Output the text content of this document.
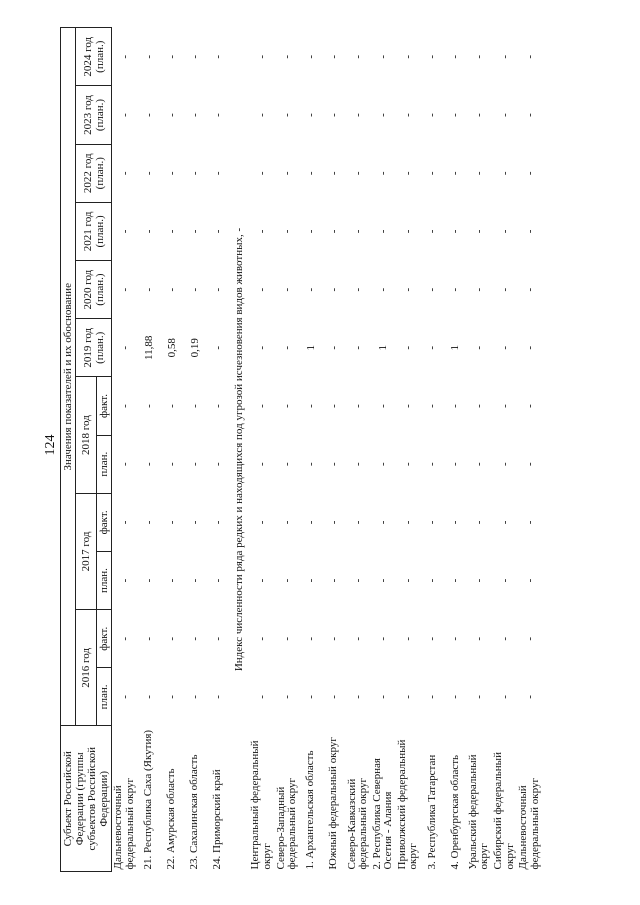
124
Субъект Российской Федерации (группы субъектов Российской Федерации)	Значения показателей и их обоснование											
	2016 год		2017 год		2018 год		2019 год (план.)	2020 год (план.)	2021 год (план.)	2022 год (план.)	2023 год (план.)	2024 год (план.)
	план.	факт.	план.	факт.	план.	факт.						
Дальневосточный федеральный округ	-	-	-	-	-	-	-	-	-	-	-	-
21. Республика Саха (Якутия)	-	-	-	-	-	-	11,88	-	-	-	-	-
22. Амурская область	-	-	-	-	-	-	0,58	-	-	-	-	-
23. Сахалинская область	-	-	-	-	-	-	0,19	-	-	-	-	-
24. Приморский край	-	-	-	-	-	-	-	-	-	-	-	-
Индекс численности ряда редких и находящихся под угрозой исчезновения видов животных, -												
Центральный федеральный округ	-	-	-	-	-	-	-	-	-	-	-	-
Северо-Западный федеральный округ	-	-	-	-	-	-	-	-	-	-	-	-
1. Архангельская область	-	-	-	-	-	-	1	-	-	-	-	-
Южный федеральный округ	-	-	-	-	-	-	-	-	-	-	-	-
Северо-Кавказский федеральный округ	-	-	-	-	-	-	-	-	-	-	-	-
2. Республика Северная Осетия - Алания	-	-	-	-	-	-	1	-	-	-	-	-
Приволжский федеральный округ	-	-	-	-	-	-	-	-	-	-	-	-
3. Республика Татарстан	-	-	-	-	-	-	-	-	-	-	-	-
4. Оренбургская область	-	-	-	-	-	-	1	-	-	-	-	-
Уральский федеральный округ	-	-	-	-	-	-	-	-	-	-	-	-
Сибирский федеральный округ	-	-	-	-	-	-	-	-	-	-	-	-
Дальневосточный федеральный округ	-	-	-	-	-	-	-	-	-	-	-	-
